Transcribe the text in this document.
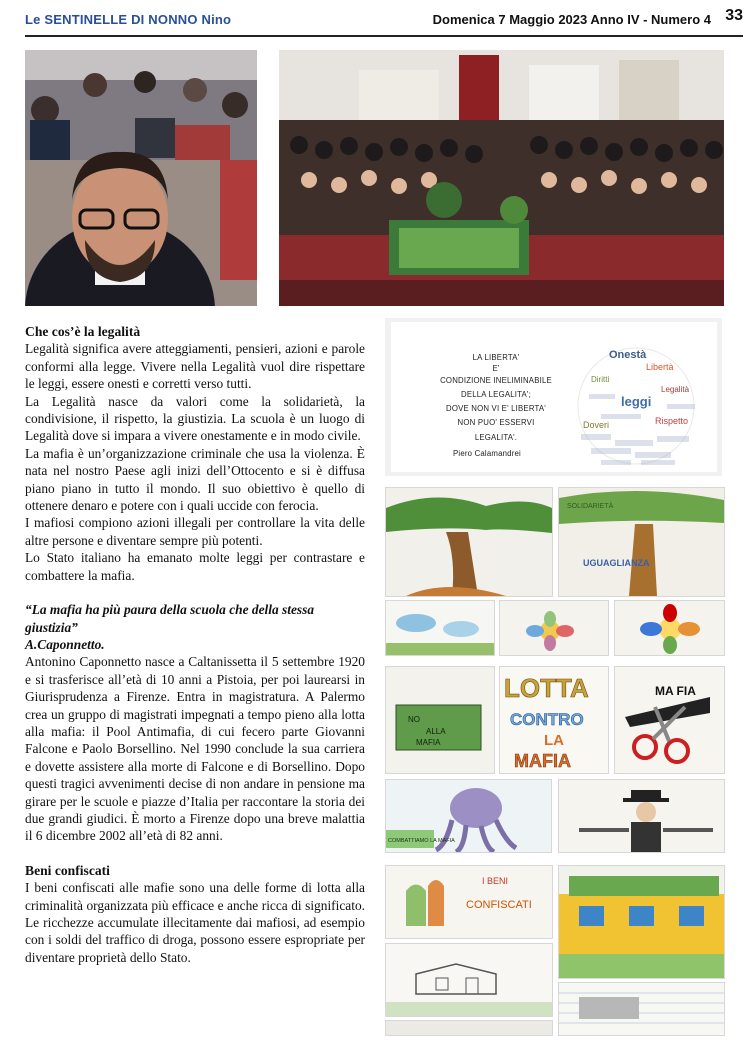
Le SENTINELLE DI NONNO Nino	Domenica 7 Maggio 2023 Anno IV - Numero 4 33
Che cos’è la legalità

Legalità significa avere atteggiamenti, pensieri, azioni e parole conformi alla legge. Vivere nella Legalità vuol dire rispettare le leggi, essere onesti e corretti verso tutti.

La Legalità nasce da valori come la solidarietà, la condivisione, il rispetto, la giustizia. La scuola è un luogo di Legalità dove si impara a vivere onestamente e in modo civile.

La mafia è un’organizzazione criminale che usa la violenza. È nata nel nostro Paese agli inizi dell’Ottocento e si è diffusa piano piano in tutto il mondo. Il suo obiettivo è quello di ottenere denaro e potere con i quali uccide con ferocia.

I mafiosi compiono azioni illegali per controllare la vita delle altre persone e diventare sempre più potenti.

Lo Stato italiano ha emanato molte leggi per contrastare e combattere la mafia.

“La mafia ha più paura della scuola che della stessa giustizia”
A.Caponnetto.

Antonino Caponnetto nasce a Caltanissetta il 5 settembre 1920 e si trasferisce all’età di 10 anni a Pistoia, per poi laurearsi in Giurisprudenza a Firenze. Entra in magistratura. A Palermo crea un gruppo di magistrati impegnati a tempo pieno alla lotta alla mafia: il Pool Antimafia, di cui fecero parte Giovanni Falcone e Paolo Borsellino. Nel 1990 conclude la sua carriera e dovette assistere alla morte di Falcone e di Borsellino. Dopo questi tragici avvenimenti decise di non andare in pensione ma girare per le scuole e piazze d’Italia per raccontare la storia dei due grandi giudici. È morto a Firenze dopo una breve malattia il 6 dicembre 2002 all’età di 82 anni.

Beni confiscati

I beni confiscati alle mafie sono una delle forme di lotta alla criminalità organizzata più efficace e anche ricca di significato. Le ricchezze accumulate illecitamente dai mafiosi, ad esempio con i soldi del traffico di droga, possono essere espropriate per diventare proprietà dello Stato.

LA LIBERTA'
E'
CONDIZIONE INELIMINABILE
DELLA LEGALITA';
DOVE NON VI E' LIBERTA'
NON PUO' ESSERVI
LEGALITA'.
Piero Calamandrei
Onestà
Libertà
Diritti
Legalità
leggi
Rispetto
Doveri
SOLIDARIETÀ
UGUAGLIANZA
NO
ALLA
MAFIA
LOTTA
CONTRO
LA
MAFIA
MA FIA
COMBATTIAMO LA MAFIA
I BENI
CONFISCATI
